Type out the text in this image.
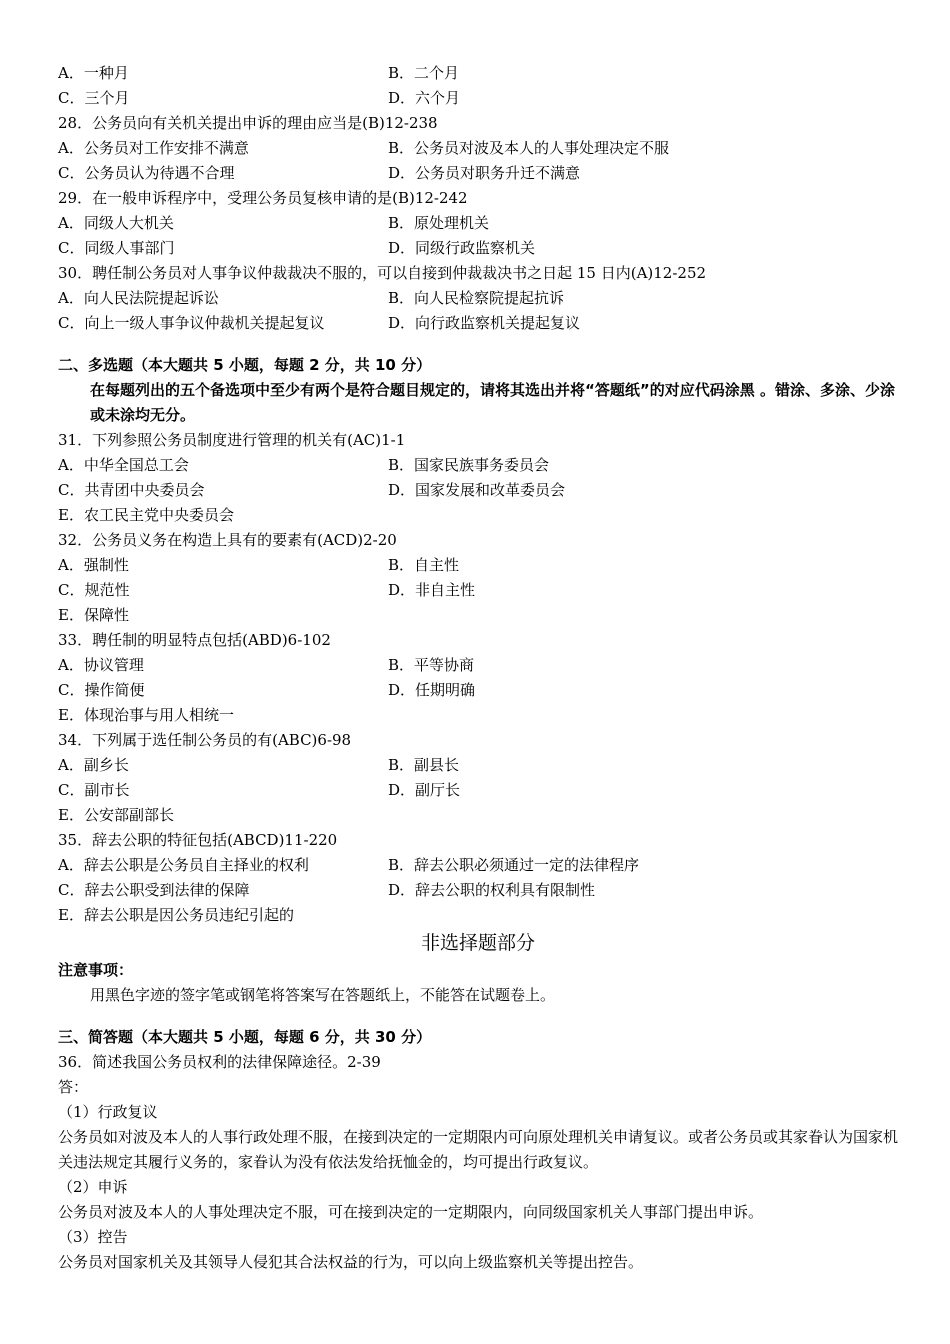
A．一种月	B．二个月
C．三个月	D．六个月
28．公务员向有关机关提出申诉的理由应当是(B)12-238
A．公务员对工作安排不满意	B．公务员对波及本人的人事处理决定不服
C．公务员认为待遇不合理	D．公务员对职务升迁不满意
29．在一般申诉程序中，受理公务员复核申请的是(B)12-242
A．同级人大机关	B．原处理机关
C．同级人事部门	D．同级行政监察机关
30．聘任制公务员对人事争议仲裁裁决不服的，可以自接到仲裁裁决书之日起 15 日内(A)12-252
A．向人民法院提起诉讼	B．向人民检察院提起抗诉
C．向上一级人事争议仲裁机关提起复议	D．向行政监察机关提起复议
二、多选题（本大题共 5 小题，每题 2 分，共 10 分）
在每题列出的五个备选项中至少有两个是符合题目规定的，请将其选出并将“答题纸”的对应代码涂黑 。错涂、多涂、少涂或未涂均无分。
31．下列参照公务员制度进行管理的机关有(AC)1-1
A．中华全国总工会	B．国家民族事务委员会
C．共青团中央委员会	D．国家发展和改革委员会
E．农工民主党中央委员会
32．公务员义务在构造上具有的要素有(ACD)2-20
A．强制性	B．自主性
C．规范性	D．非自主性
E．保障性
33．聘任制的明显特点包括(ABD)6-102
A．协议管理	B．平等协商
C．操作简便	D．任期明确
E．体现治事与用人相统一
34．下列属于选任制公务员的有(ABC)6-98
A．副乡长	B．副县长
C．副市长	D．副厅长
E．公安部副部长
35．辞去公职的特征包括(ABCD)11-220
A．辞去公职是公务员自主择业的权利	B．辞去公职必须通过一定的法律程序
C．辞去公职受到法律的保障	D．辞去公职的权利具有限制性
E．辞去公职是因公务员违纪引起的
非选择题部分
注意事项：
用黑色字迹的签字笔或钢笔将答案写在答题纸上，不能答在试题卷上。
三、简答题（本大题共 5 小题，每题 6 分，共 30 分）
36．简述我国公务员权利的法律保障途径。2-39
答：
（1）行政复议
公务员如对波及本人的人事行政处理不服，在接到决定的一定期限内可向原处理机关申请复议。或者公务员或其家眷认为国家机关违法规定其履行义务的，家眷认为没有依法发给抚恤金的，均可提出行政复议。
（2）申诉
公务员对波及本人的人事处理决定不服，可在接到决定的一定期限内，向同级国家机关人事部门提出申诉。
（3）控告
公务员对国家机关及其领导人侵犯其合法权益的行为，可以向上级监察机关等提出控告。
